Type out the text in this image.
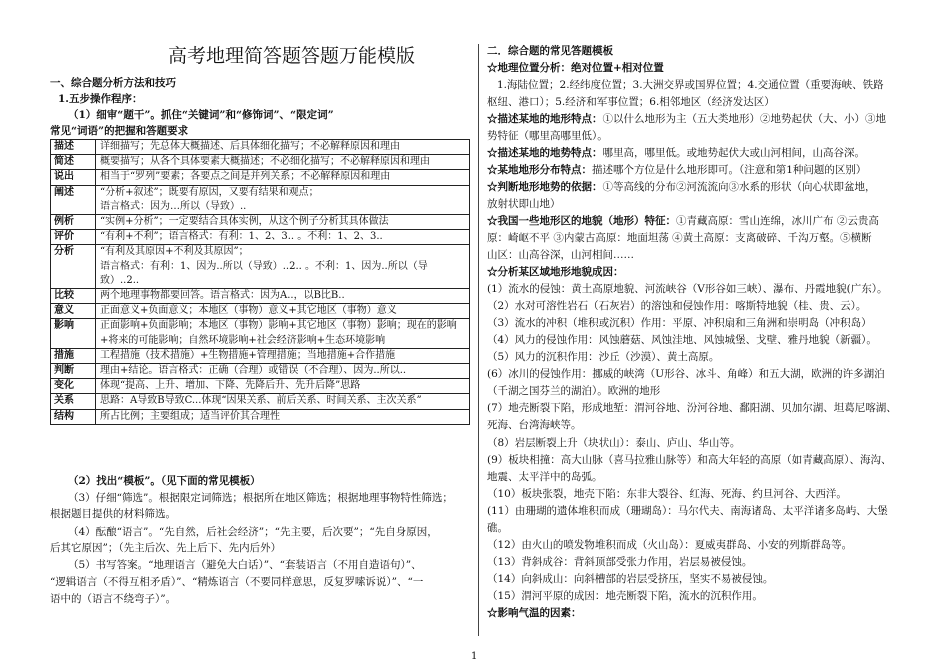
高考地理简答题答题万能模版
一、综合题分析方法和技巧
1.五步操作程序：
（1）细审“题干”。抓住“关键词”和“修饰词”、“限定词”
常见“词语”的把握和答题要求
描述	详细描写；先总体大概描述、后具体细化描写；不必解释原因和理由

简述	概要描写；从各个具体要素大概描述；不必细化描写；不必解释原因和理由

说出	相当于“罗列”要素；各要点之间是并列关系；不必解释原因和理由

阐述	“分析+叙述”；既要有原因，又要有结果和观点；
语言格式：因为…所以（导致）..

例析	“实例+分析”；一定要结合具体实例，从这个例子分析其具体做法

评价	“有利+不利”；语言格式：有利：1、2、3.. 。不利：1、2、3..

分析	“有利及其原因+不利及其原因”；
语言格式：有利：1、因为..所以（导致）..2.. 。不利：1、因为..所以（导
致）..2..

比较	两个地理事物都要回答。语言格式：因为A..，以B比B..

意义	正面意义+负面意义；本地区（事物）意义+其它地区（事物）意义

影响	正面影响+负面影响；本地区（事物）影响+其它地区（事物）影响；现在的影响
+将来的可能影响；自然环境影响+社会经济影响+生态环境影响

措施	工程措施（技术措施）+生物措施+管理措施；当地措施+合作措施

判断	理由+结论。语言格式：正确（合理）或错误（不合理）、因为..所以..

变化	体现“提高、上升、增加、下降、先降后升、先升后降”思路

关系	思路：A导致B导致C...体现“因果关系、前后关系、时间关系、主次关系”

结构	所占比例；主要组成；适当评价其合理性
（2）找出“模板”。（见下面的常见模板）
（3）仔细“筛选”。根据限定词筛选；根据所在地区筛选；根据地理事物特性筛选；
根据题目提供的材料筛选。
（4）酝酿“语言”。“先自然，后社会经济”；“先主要，后次要”；“先自身原因，
后其它原因”；（先主后次、先上后下、先内后外）
（5）书写答案。“地理语言（避免大白话）”、“套装语言（不用自造语句）”、
“逻辑语言（不得互相矛盾）”、“精炼语言（不要同样意思，反复罗嗦诉说）”、“一
语中的（语言不绕弯子）”。
二．综合题的常见答题模板
☆地理位置分析：绝对位置+相对位置
1.海陆位置；2.经纬度位置；3.大洲交界或国界位置；4.交通位置（重要海峡、铁路
枢纽、港口）；5.经济和军事位置；6.相邻地区（经济发达区）
☆描述某地的地形特点：①以什么地形为主（五大类地形）②地势起伏（大、小）③地
势特征（哪里高哪里低）。
☆描述某地的地势特点：哪里高，哪里低。或地势起伏大或山河相间，山高谷深。
☆某地地形分布特点：描述哪个方位是什么地形即可。（注意和第1种问题的区别）
☆判断地形地势的依据：①等高线的分布②河流流向③水系的形状（向心状即盆地，
放射状即山地）
☆我国一些地形区的地貌（地形）特征：①青藏高原：雪山连绵，冰川广布 ②云贵高
原：崎岖不平 ③内蒙古高原：地面坦荡 ④黄土高原：支离破碎、千沟万壑。⑤横断
山区：山高谷深，山河相间……
☆分析某区域地形地貌成因：
(1）流水的侵蚀：黄土高原地貌、河流峡谷（V形谷如三峡）、瀑布、丹霞地貌(广东）。
（2）水对可溶性岩石（石灰岩）的溶蚀和侵蚀作用：喀斯特地貌（桂、贵、云）。
（3）流水的冲积（堆积或沉积）作用：平原、冲积扇和三角洲和崇明岛（冲积岛）
（4）风力的侵蚀作用：风蚀蘑菇、风蚀洼地、风蚀城堡、戈壁、雅丹地貌（新疆）。
（5）风力的沉积作用：沙丘（沙漠）、黄土高原。
(6）冰川的侵蚀作用：挪威的峡湾（U形谷、冰斗、角峰）和五大湖，欧洲的许多湖泊
（千湖之国芬兰的湖泊）。欧洲的地形
(7）地壳断裂下陷，形成地堑：渭河谷地、汾河谷地、鄱阳湖、贝加尔湖、坦葛尼喀湖、
死海、台湾海峡等。
（8）岩层断裂上升（块状山）：泰山、庐山、华山等。
(9）板块相撞：高大山脉（喜马拉雅山脉等）和高大年轻的高原（如青藏高原）、海沟、
地震、太平洋中的岛弧。
（10）板块张裂，地壳下陷：东非大裂谷、红海、死海、约旦河谷、大西洋。
(11）由珊瑚的遗体堆积而成（珊瑚岛）：马尔代夫、南海诸岛、太平洋诸多岛屿、大堡
礁。
（12）由火山的喷发物堆积而成（火山岛）：夏威夷群岛、小安的列斯群岛等。
（13）背斜成谷：背斜顶部受张力作用，岩层易被侵蚀。
（14）向斜成山：向斜槽部的岩层受挤压，坚实不易被侵蚀。
（15）渭河平原的成因：地壳断裂下陷，流水的沉积作用。
☆影响气温的因素：
1
